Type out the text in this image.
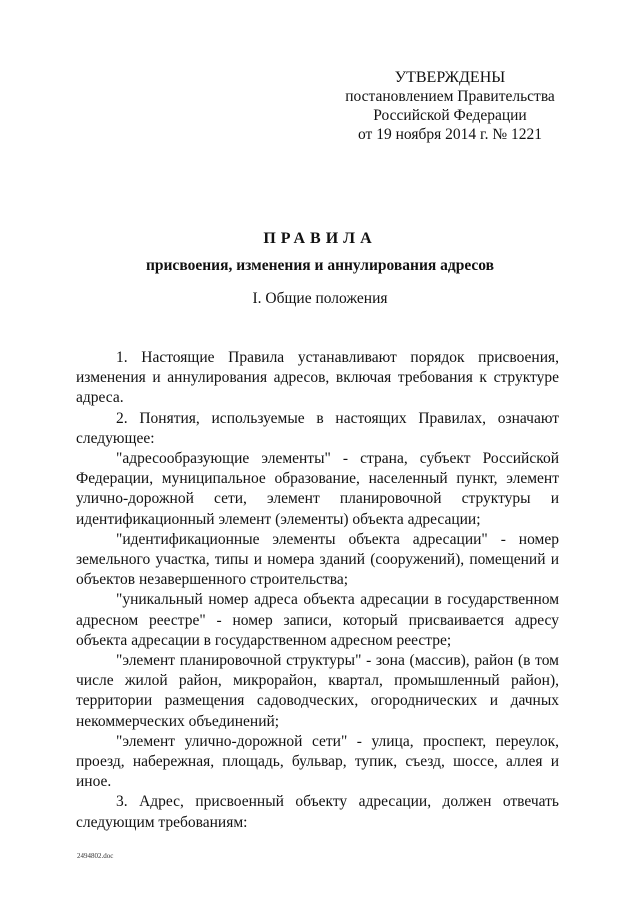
УТВЕРЖДЕНЫ
постановлением Правительства
Российской Федерации
от 19 ноября 2014 г. № 1221
ПРАВИЛА
присвоения, изменения и аннулирования адресов
I. Общие положения

1. Настоящие Правила устанавливают порядок присвоения, изменения и аннулирования адресов, включая требования к структуре адреса.

2. Понятия, используемые в настоящих Правилах, означают следующее:

"адресообразующие элементы" - страна, субъект Российской Федерации, муниципальное образование, населенный пункт, элемент улично-дорожной сети, элемент планировочной структуры и идентификационный элемент (элементы) объекта адресации;

"идентификационные элементы объекта адресации" - номер земельного участка, типы и номера зданий (сооружений), помещений и объектов незавершенного строительства;

"уникальный номер адреса объекта адресации в государственном адресном реестре" - номер записи, который присваивается адресу объекта адресации в государственном адресном реестре;

"элемент планировочной структуры" - зона (массив), район (в том числе жилой район, микрорайон, квартал, промышленный район), территории размещения садоводческих, огороднических и дачных некоммерческих объединений;

"элемент улично-дорожной сети" - улица, проспект, переулок, проезд, набережная, площадь, бульвар, тупик, съезд, шоссе, аллея и иное.

3. Адрес, присвоенный объекту адресации, должен отвечать следующим требованиям:

2494802.doc
